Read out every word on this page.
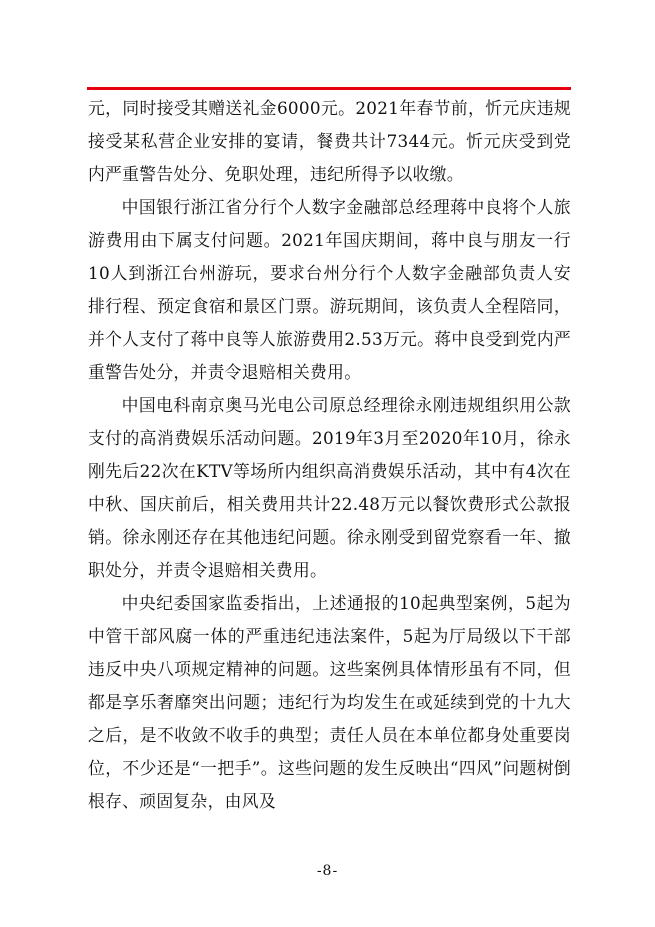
元，同时接受其赠送礼金6000元。2021年春节前，忻元庆违规接受某私营企业安排的宴请，餐费共计7344元。忻元庆受到党内严重警告处分、免职处理，违纪所得予以收缴。

中国银行浙江省分行个人数字金融部总经理蒋中良将个人旅游费用由下属支付问题。2021年国庆期间，蒋中良与朋友一行10人到浙江台州游玩，要求台州分行个人数字金融部负责人安排行程、预定食宿和景区门票。游玩期间，该负责人全程陪同，并个人支付了蒋中良等人旅游费用2.53万元。蒋中良受到党内严重警告处分，并责令退赔相关费用。

中国电科南京奥马光电公司原总经理徐永刚违规组织用公款支付的高消费娱乐活动问题。2019年3月至2020年10月，徐永刚先后22次在KTV等场所内组织高消费娱乐活动，其中有4次在中秋、国庆前后，相关费用共计22.48万元以餐饮费形式公款报销。徐永刚还存在其他违纪问题。徐永刚受到留党察看一年、撤职处分，并责令退赔相关费用。

中央纪委国家监委指出，上述通报的10起典型案例，5起为中管干部风腐一体的严重违纪违法案件，5起为厅局级以下干部违反中央八项规定精神的问题。这些案例具体情形虽有不同，但都是享乐奢靡突出问题；违纪行为均发生在或延续到党的十九大之后，是不收敛不收手的典型；责任人员在本单位都身处重要岗位，不少还是“一把手”。这些问题的发生反映出“四风”问题树倒根存、顽固复杂，由风及

-8-
